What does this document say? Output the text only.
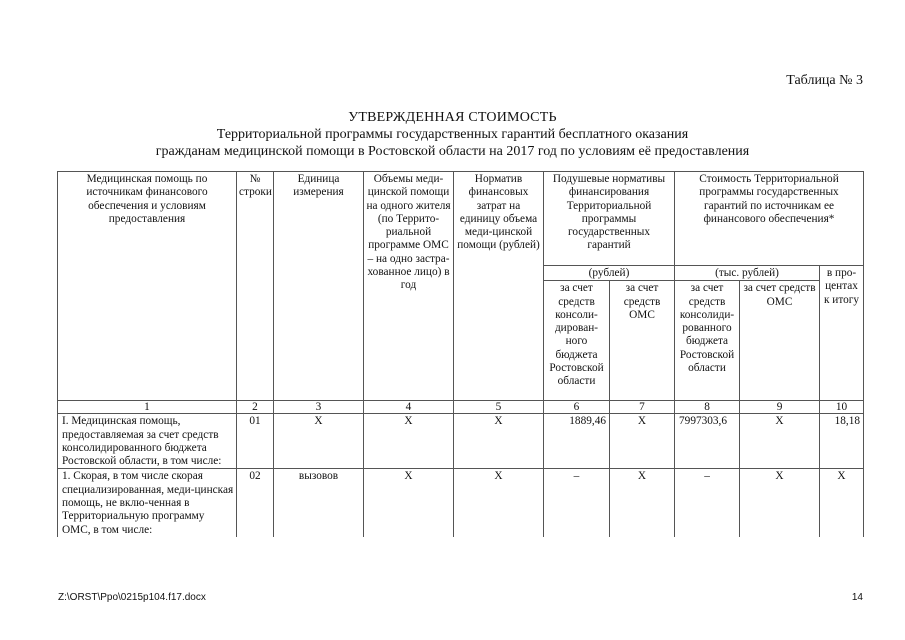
Таблица № 3
УТВЕРЖДЕННАЯ СТОИМОСТЬ
Территориальной программы государственных гарантий бесплатного оказания
гражданам медицинской помощи в Ростовской области на 2017 год по условиям её предоставления
Медицинская помощь по источникам финансового обеспечения и условиям предоставления	№ строки	Единица измерения	Объемы меди-цинской помощи на одного жителя (по Террито-риальной программе ОМС – на одно застра-хованное лицо) в год	Норматив финансовых затрат на единицу объема меди-цинской помощи (рублей)	Подушевые нормативы финансирования Территориальной программы государственных гарантий		Стоимость Территориальной программы государственных гарантий по источникам ее финансового обеспечения*		
					(рублей)		(тыс. рублей)		в про-центах к итогу
					за счет средств консоли-дирован-ного бюджета Ростовской области	за счет средств ОМС	за счет средств консолиди-рованного бюджета Ростовской области	за счет средств ОМС	
1	2	3	4	5	6	7	8	9	10
I. Медицинская помощь, предоставляемая за счет средств консолидированного бюджета Ростовской области, в том числе:	01	Х	Х	Х	1889,46	Х	7997303,6	Х	18,18
1. Скорая, в том числе скорая специализированная, меди-цинская помощь, не вклю-ченная в Территориальную программу ОМС, в том числе:	02	вызовов	Х	Х	–	Х	–	Х	Х
Z:\ORST\Ppo\0215p104.f17.docx	14
